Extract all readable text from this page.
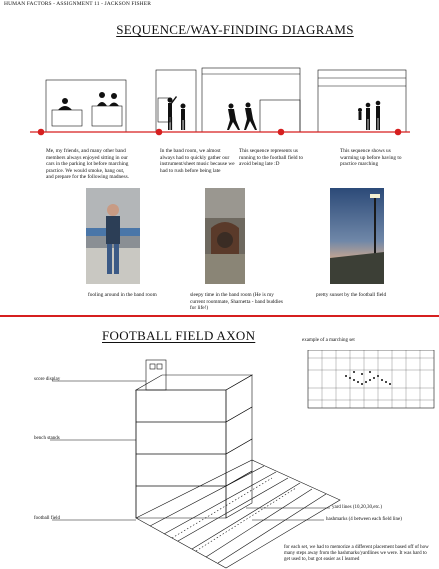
HUMAN FACTORS - ASSIGNMENT 11 - JACKSON FISHER
SEQUENCE/WAY-FINDING DIAGRAMS
Me, my friends, and many other band members always enjoyed sitting in our cars in the parking lot before marching practice. We would smoke, hang out, and prepare for the following madness.
In the band room, we almost always had to quickly gather our instrument/sheet music because we had to rush before being late
This sequence represents us running to the football field to avoid being late :D
This sequence shows us warming up before having to practice marching
fooling around in the band room	sleepy time in the band room (He is my current roommate, Sharnetta - band buddies for life!)
pretty sunset by the football field
FOOTBALL FIELD AXON	example of a marching set
score display
bench stands
football field
yard lines (10,20,30,etc.)
hashmarks (4 between each field line)
for each set, we had to memorize a different placement based off of how many steps away from the hashmarks/yardlines we were. It was hard to get used to, but got easier as I learned
